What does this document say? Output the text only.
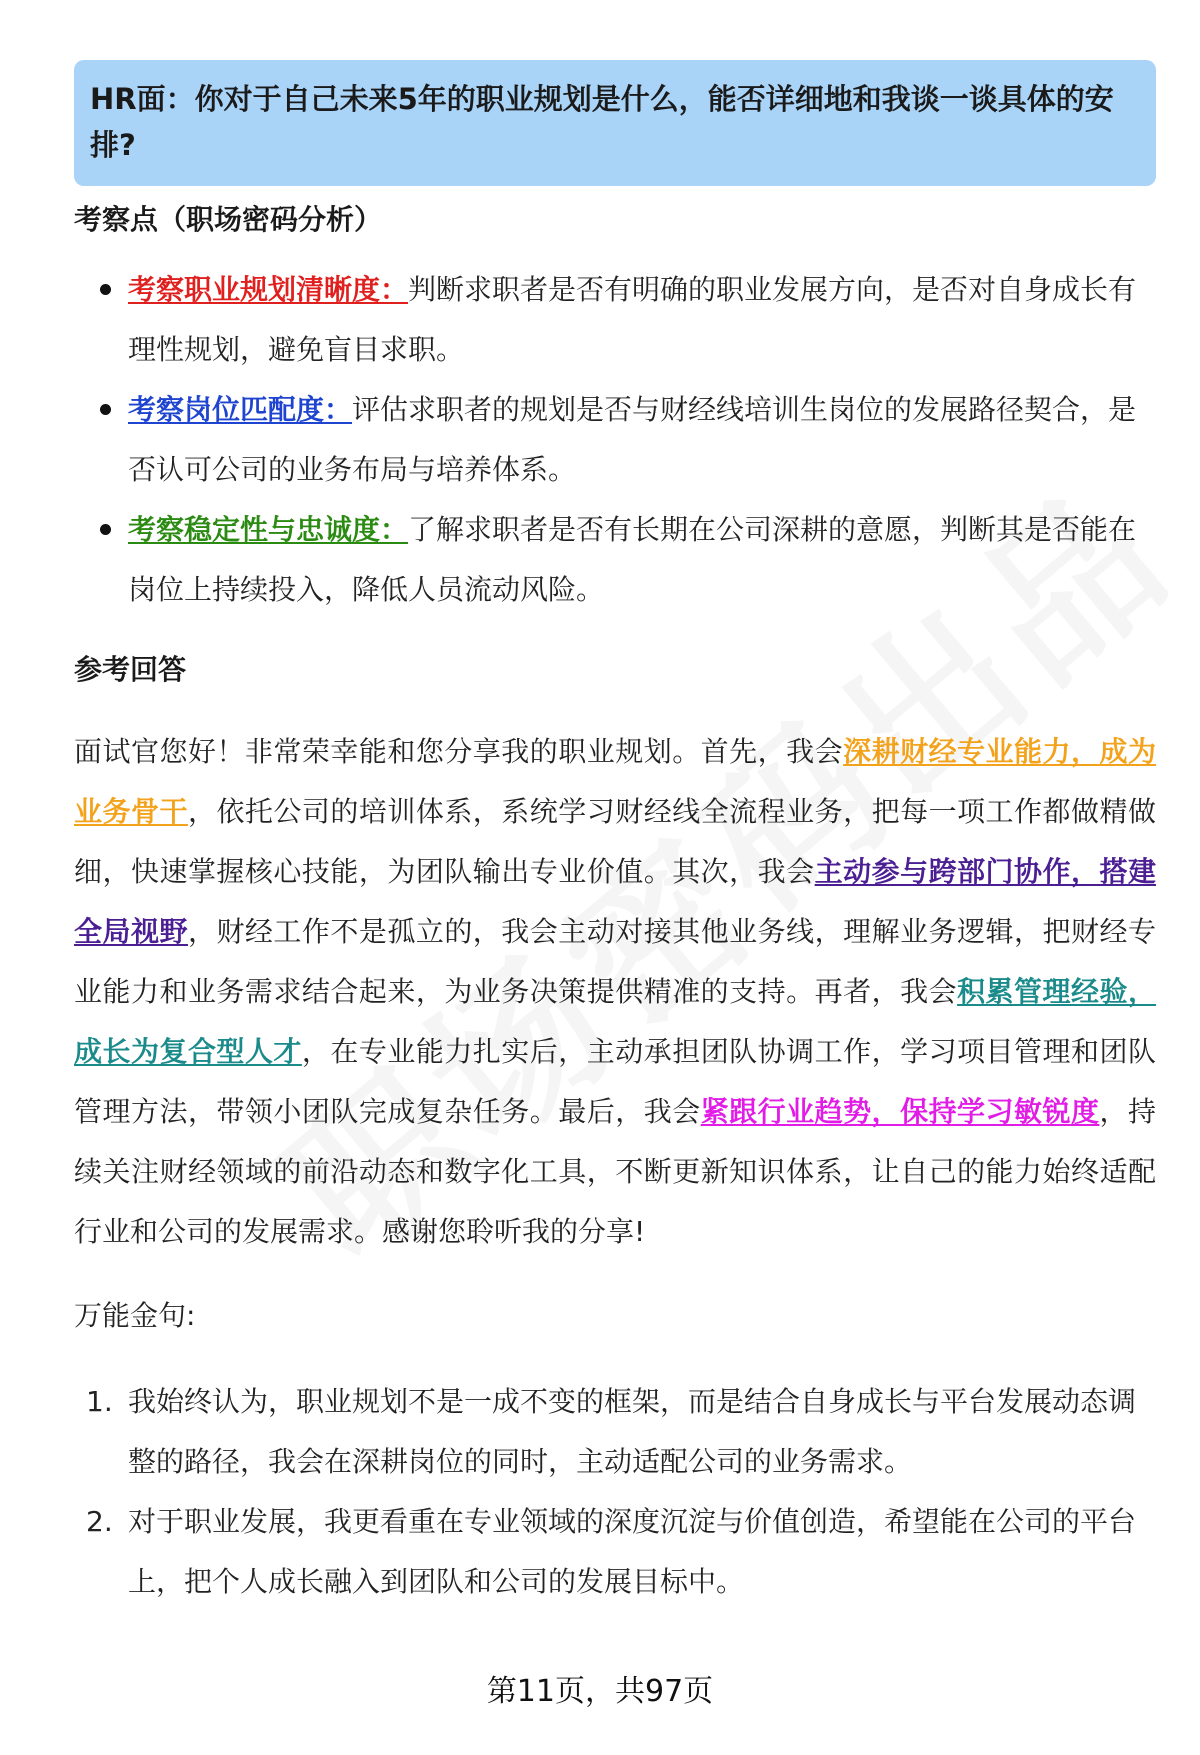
HR面：你对于自己未来5年的职业规划是什么，能否详细地和我谈一谈具体的安排?
考察点（职场密码分析）
考察职业规划清晰度：判断求职者是否有明确的职业发展方向，是否对自身成长有理性规划，避免盲目求职。
考察岗位匹配度：评估求职者的规划是否与财经线培训生岗位的发展路径契合，是否认可公司的业务布局与培养体系。
考察稳定性与忠诚度：了解求职者是否有长期在公司深耕的意愿，判断其是否能在岗位上持续投入，降低人员流动风险。
参考回答
面试官您好！非常荣幸能和您分享我的职业规划。首先，我会深耕财经专业能力，成为业务骨干，依托公司的培训体系，系统学习财经线全流程业务，把每一项工作都做精做细，快速掌握核心技能，为团队输出专业价值。其次，我会主动参与跨部门协作，搭建全局视野，财经工作不是孤立的，我会主动对接其他业务线，理解业务逻辑，把财经专业能力和业务需求结合起来，为业务决策提供精准的支持。再者，我会积累管理经验，成长为复合型人才，在专业能力扎实后，主动承担团队协调工作，学习项目管理和团队管理方法，带领小团队完成复杂任务。最后，我会紧跟行业趋势，保持学习敏锐度，持续关注财经领域的前沿动态和数字化工具，不断更新知识体系，让自己的能力始终适配行业和公司的发展需求。感谢您聆听我的分享!
万能金句:
1. 我始终认为，职业规划不是一成不变的框架，而是结合自身成长与平台发展动态调整的路径，我会在深耕岗位的同时，主动适配公司的业务需求。
2. 对于职业发展，我更看重在专业领域的深度沉淀与价值创造，希望能在公司的平台上，把个人成长融入到团队和公司的发展目标中。
第11页，共97页
